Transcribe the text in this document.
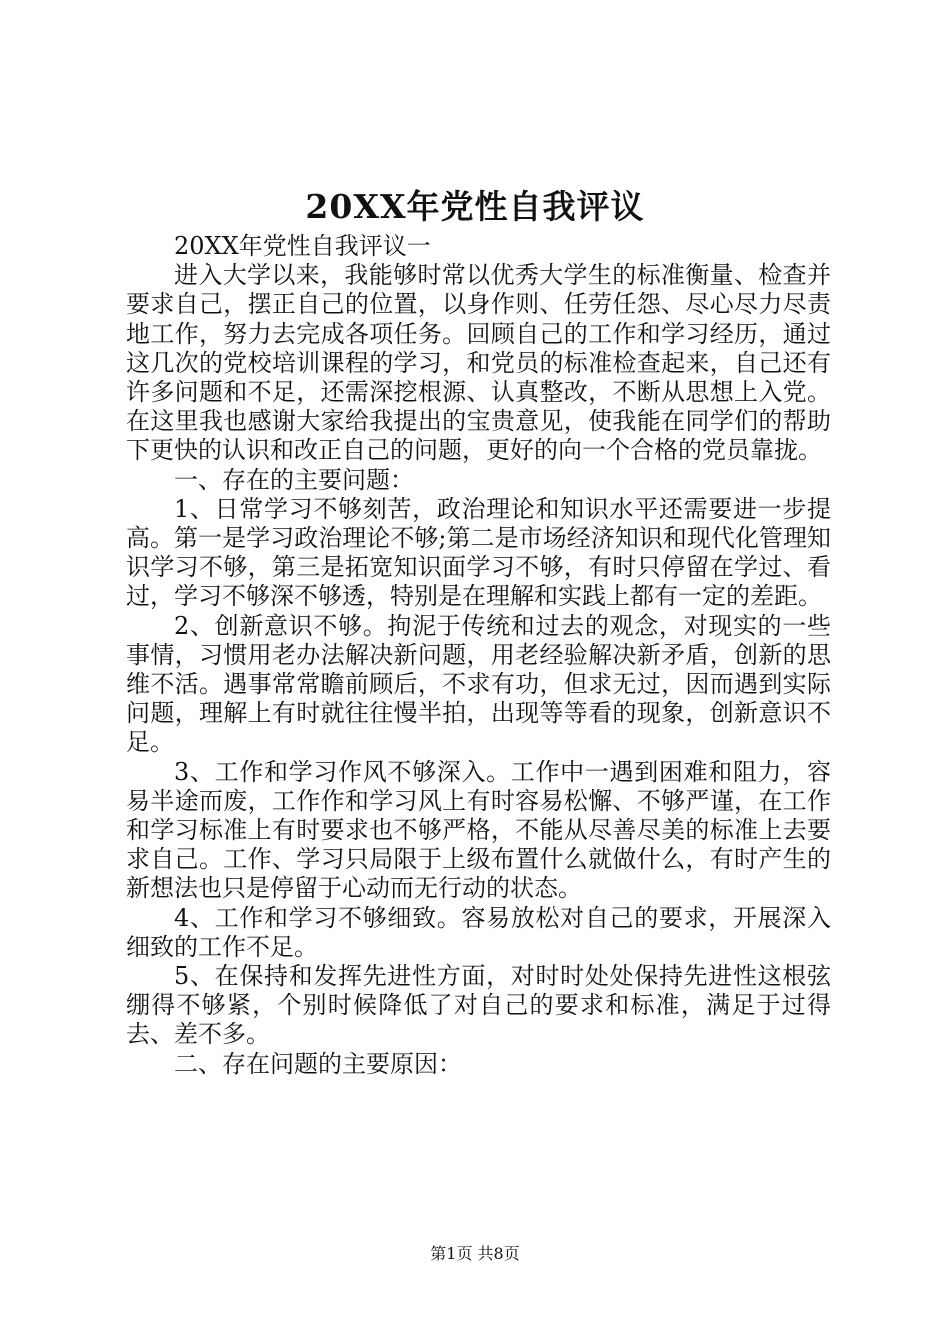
20XX年党性自我评议

20XX年党性自我评议一

进入大学以来，我能够时常以优秀大学生的标准衡量、检查并要求自己，摆正自己的位置，以身作则、任劳任怨、尽心尽力尽责地工作，努力去完成各项任务。回顾自己的工作和学习经历，通过这几次的党校培训课程的学习，和党员的标准检查起来，自己还有许多问题和不足，还需深挖根源、认真整改，不断从思想上入党。在这里我也感谢大家给我提出的宝贵意见，使我能在同学们的帮助下更快的认识和改正自己的问题，更好的向一个合格的党员靠拢。

一、存在的主要问题：

1、日常学习不够刻苦，政治理论和知识水平还需要进一步提高。第一是学习政治理论不够;第二是市场经济知识和现代化管理知识学习不够，第三是拓宽知识面学习不够，有时只停留在学过、看过，学习不够深不够透，特别是在理解和实践上都有一定的差距。

2、创新意识不够。拘泥于传统和过去的观念，对现实的一些事情，习惯用老办法解决新问题，用老经验解决新矛盾，创新的思维不活。遇事常常瞻前顾后，不求有功，但求无过，因而遇到实际问题，理解上有时就往往慢半拍，出现等等看的现象，创新意识不足。

3、工作和学习作风不够深入。工作中一遇到困难和阻力，容易半途而废，工作作和学习风上有时容易松懈、不够严谨，在工作和学习标准上有时要求也不够严格，不能从尽善尽美的标准上去要求自己。工作、学习只局限于上级布置什么就做什么，有时产生的新想法也只是停留于心动而无行动的状态。

4、工作和学习不够细致。容易放松对自己的要求，开展深入细致的工作不足。

5、在保持和发挥先进性方面，对时时处处保持先进性这根弦绷得不够紧，个别时候降低了对自己的要求和标准，满足于过得去、差不多。

二、存在问题的主要原因：

第1页 共8页
